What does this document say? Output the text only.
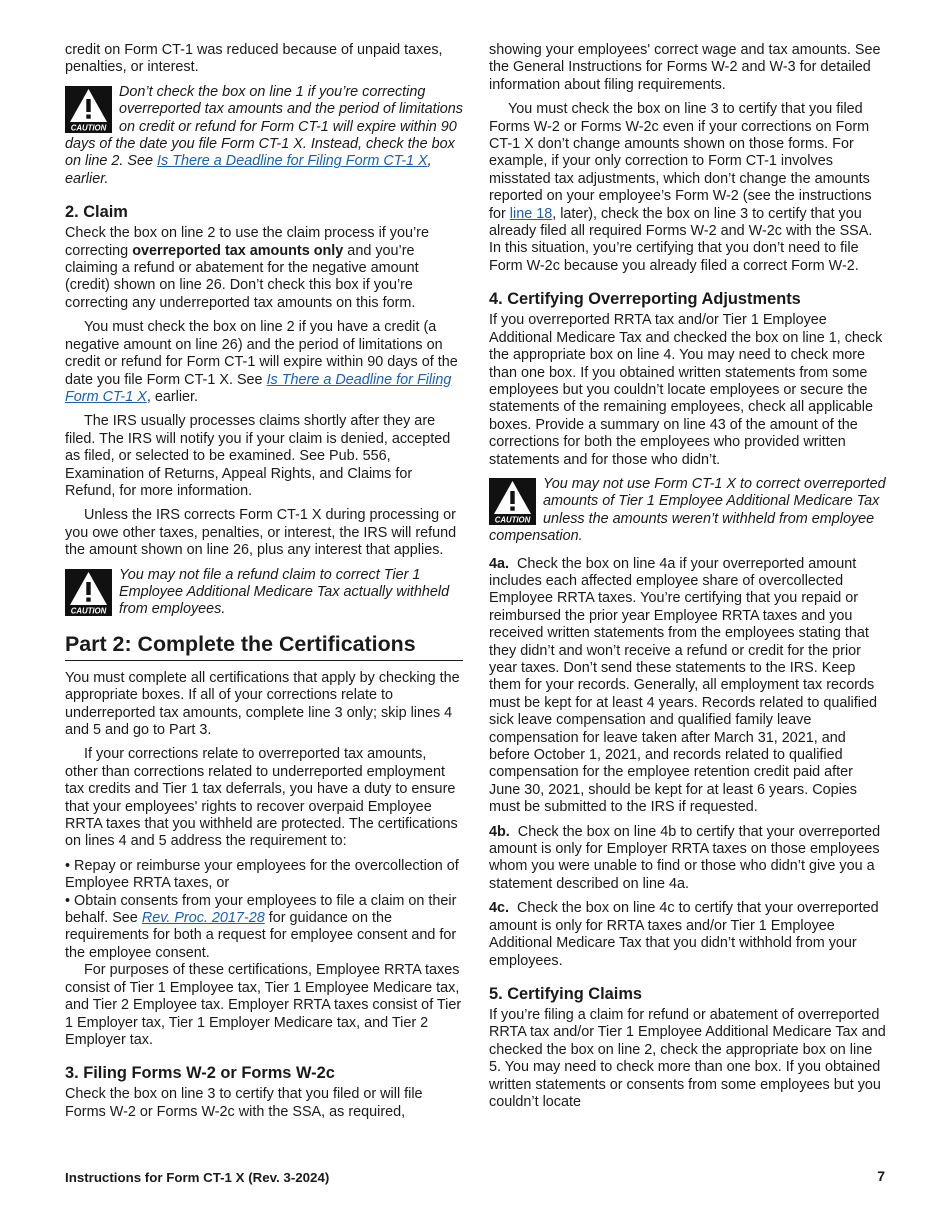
credit on Form CT-1 was reduced because of unpaid taxes, penalties, or interest.

CAUTION
Don’t check the box on line 1 if you’re correcting overreported tax amounts and the period of limitations on credit or refund for Form CT-1 will expire within 90 days of the date you file Form CT-1 X. Instead, check the box on line 2. See Is There a Deadline for Filing Form CT-1 X, earlier.
2. Claim

Check the box on line 2 to use the claim process if you’re correcting overreported tax amounts only and you’re claiming a refund or abatement for the negative amount (credit) shown on line 26. Don’t check this box if you’re correcting any underreported tax amounts on this form.

You must check the box on line 2 if you have a credit (a negative amount on line 26) and the period of limitations on credit or refund for Form CT-1 will expire within 90 days of the date you file Form CT-1 X. See Is There a Deadline for Filing Form CT-1 X, earlier.

The IRS usually processes claims shortly after they are filed. The IRS will notify you if your claim is denied, accepted as filed, or selected to be examined. See Pub. 556, Examination of Returns, Appeal Rights, and Claims for Refund, for more information.

Unless the IRS corrects Form CT-1 X during processing or you owe other taxes, penalties, or interest, the IRS will refund the amount shown on line 26, plus any interest that applies.

CAUTION
You may not file a refund claim to correct Tier 1 Employee Additional Medicare Tax actually withheld from employees.
Part 2: Complete the Certifications

You must complete all certifications that apply by checking the appropriate boxes. If all of your corrections relate to underreported tax amounts, complete line 3 only; skip lines 4 and 5 and go to Part 3.

If your corrections relate to overreported tax amounts, other than corrections related to underreported employment tax credits and Tier 1 tax deferrals, you have a duty to ensure that your employees' rights to recover overpaid Employee RRTA taxes that you withheld are protected. The certifications on lines 4 and 5 address the requirement to:

• Repay or reimburse your employees for the overcollection of Employee RRTA taxes, or

• Obtain consents from your employees to file a claim on their behalf. See Rev. Proc. 2017-28 for guidance on the requirements for both a request for employee consent and for the employee consent.

For purposes of these certifications, Employee RRTA taxes consist of Tier 1 Employee tax, Tier 1 Employee Medicare tax, and Tier 2 Employee tax. Employer RRTA taxes consist of Tier 1 Employer tax, Tier 1 Employer Medicare tax, and Tier 2 Employer tax.

3. Filing Forms W-2 or Forms W-2c

Check the box on line 3 to certify that you filed or will file Forms W-2 or Forms W-2c with the SSA, as required,

showing your employees' correct wage and tax amounts. See the General Instructions for Forms W-2 and W-3 for detailed information about filing requirements.

You must check the box on line 3 to certify that you filed Forms W-2 or Forms W-2c even if your corrections on Form CT-1 X don’t change amounts shown on those forms. For example, if your only correction to Form CT-1 involves misstated tax adjustments, which don’t change the amounts reported on your employee’s Form W-2 (see the instructions for line 18, later), check the box on line 3 to certify that you already filed all required Forms W-2 and W-2c with the SSA. In this situation, you’re certifying that you don’t need to file Form W-2c because you already filed a correct Form W-2.

4. Certifying Overreporting Adjustments

If you overreported RRTA tax and/or Tier 1 Employee Additional Medicare Tax and checked the box on line 1, check the appropriate box on line 4. You may need to check more than one box. If you obtained written statements from some employees but you couldn’t locate employees or secure the statements of the remaining employees, check all applicable boxes. Provide a summary on line 43 of the amount of the corrections for both the employees who provided written statements and for those who didn’t.

CAUTION
You may not use Form CT-1 X to correct overreported amounts of Tier 1 Employee Additional Medicare Tax unless the amounts weren’t withheld from employee compensation.

4a. Check the box on line 4a if your overreported amount includes each affected employee share of overcollected Employee RRTA taxes. You’re certifying that you repaid or reimbursed the prior year Employee RRTA taxes and you received written statements from the employees stating that they didn’t and won’t receive a refund or credit for the prior year taxes. Don’t send these statements to the IRS. Keep them for your records. Generally, all employment tax records must be kept for at least 4 years. Records related to qualified sick leave compensation and qualified family leave compensation for leave taken after March 31, 2021, and before October 1, 2021, and records related to qualified compensation for the employee retention credit paid after June 30, 2021, should be kept for at least 6 years. Copies must be submitted to the IRS if requested.

4b. Check the box on line 4b to certify that your overreported amount is only for Employer RRTA taxes on those employees whom you were unable to find or those who didn’t give you a statement described on line 4a.

4c. Check the box on line 4c to certify that your overreported amount is only for RRTA taxes and/or Tier 1 Employee Additional Medicare Tax that you didn’t withhold from your employees.

5. Certifying Claims

If you’re filing a claim for refund or abatement of overreported RRTA tax and/or Tier 1 Employee Additional Medicare Tax and checked the box on line 2, check the appropriate box on line 5. You may need to check more than one box. If you obtained written statements or consents from some employees but you couldn’t locate

Instructions for Form CT-1 X (Rev. 3-2024)	7
